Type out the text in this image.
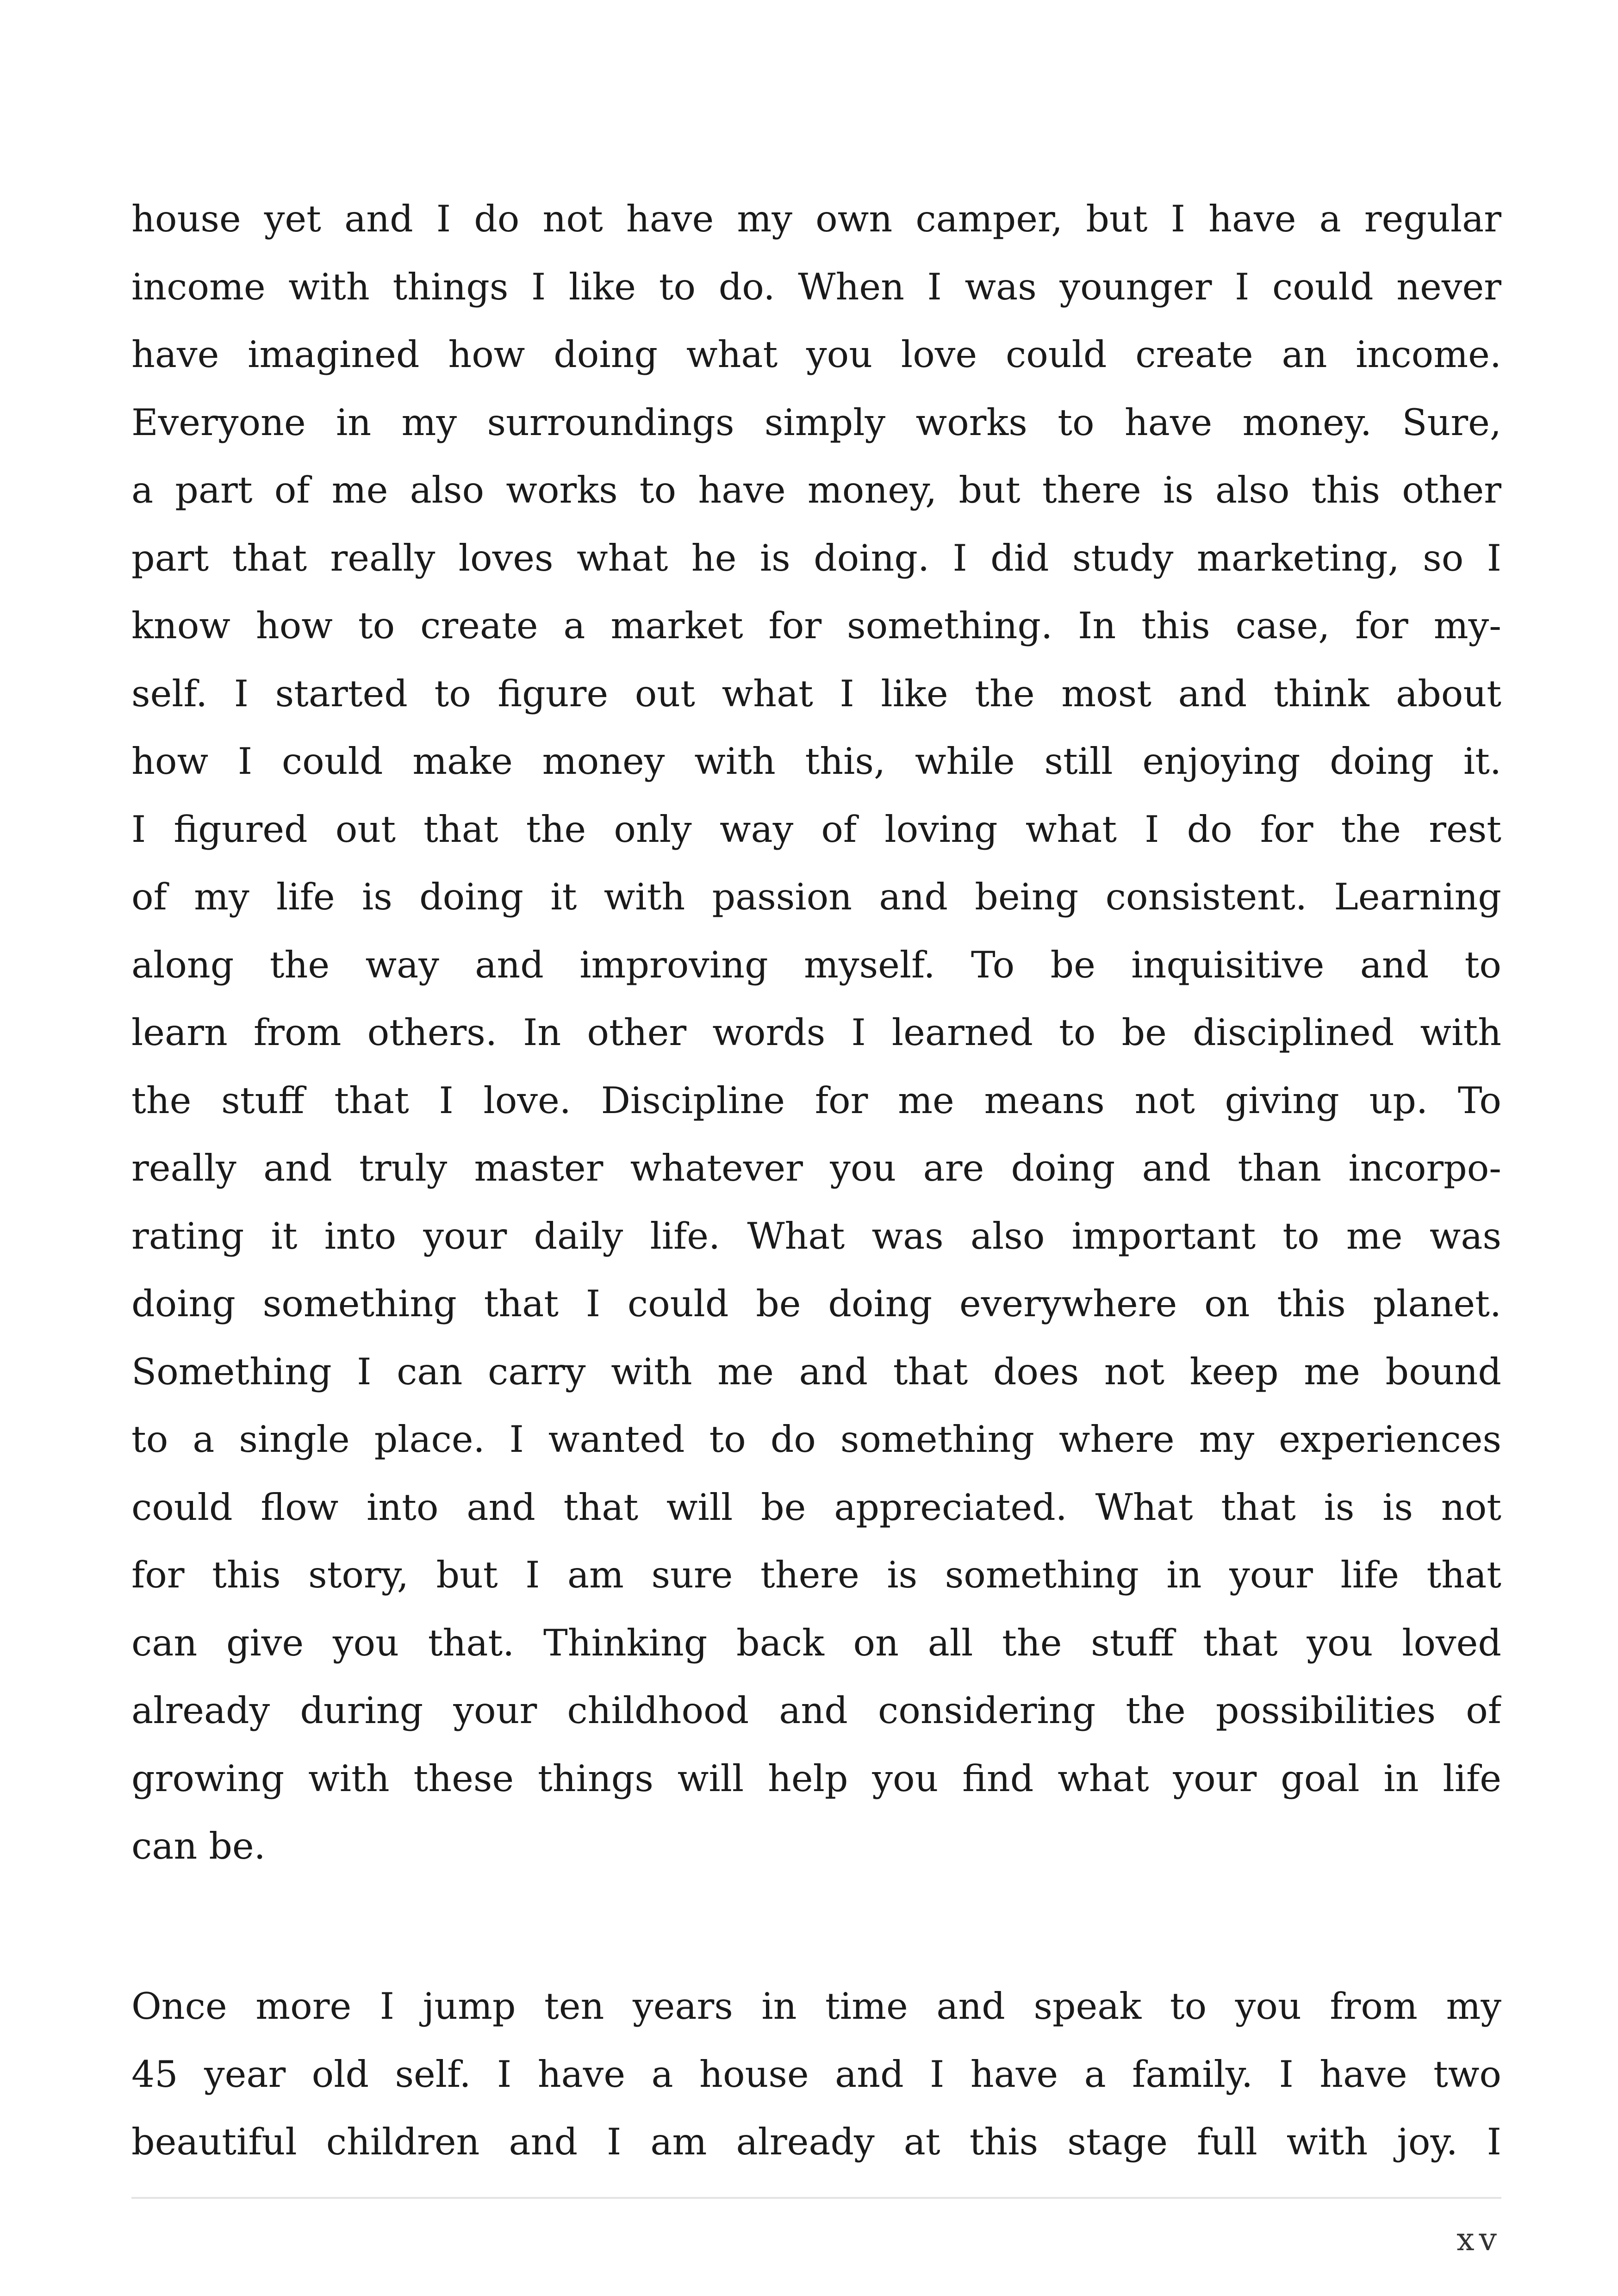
house yet and I do not have my own camper, but I have a regular
income with things I like to do. When I was younger I could never
have imagined how doing what you love could create an income.
Everyone in my surroundings simply works to have money. Sure,
a part of me also works to have money, but there is also this other
part that really loves what he is doing. I did study marketing, so I
know how to create a market for something. In this case, for my-
self. I started to figure out what I like the most and think about
how I could make money with this, while still enjoying doing it.
I figured out that the only way of loving what I do for the rest
of my life is doing it with passion and being consistent. Learning
along the way and improving myself. To be inquisitive and to
learn from others. In other words I learned to be disciplined with
the stuff that I love. Discipline for me means not giving up. To
really and truly master whatever you are doing and than incorpo-
rating it into your daily life. What was also important to me was
doing something that I could be doing everywhere on this planet.
Something I can carry with me and that does not keep me bound
to a single place. I wanted to do something where my experiences
could flow into and that will be appreciated. What that is is not
for this story, but I am sure there is something in your life that
can give you that. Thinking back on all the stuff that you loved
already during your childhood and considering the possibilities of
growing with these things will help you find what your goal in life
can be.
Once more I jump ten years in time and speak to you from my
45 year old self. I have a house and I have a family. I have two
beautiful children and I am already at this stage full with joy. I
xv
